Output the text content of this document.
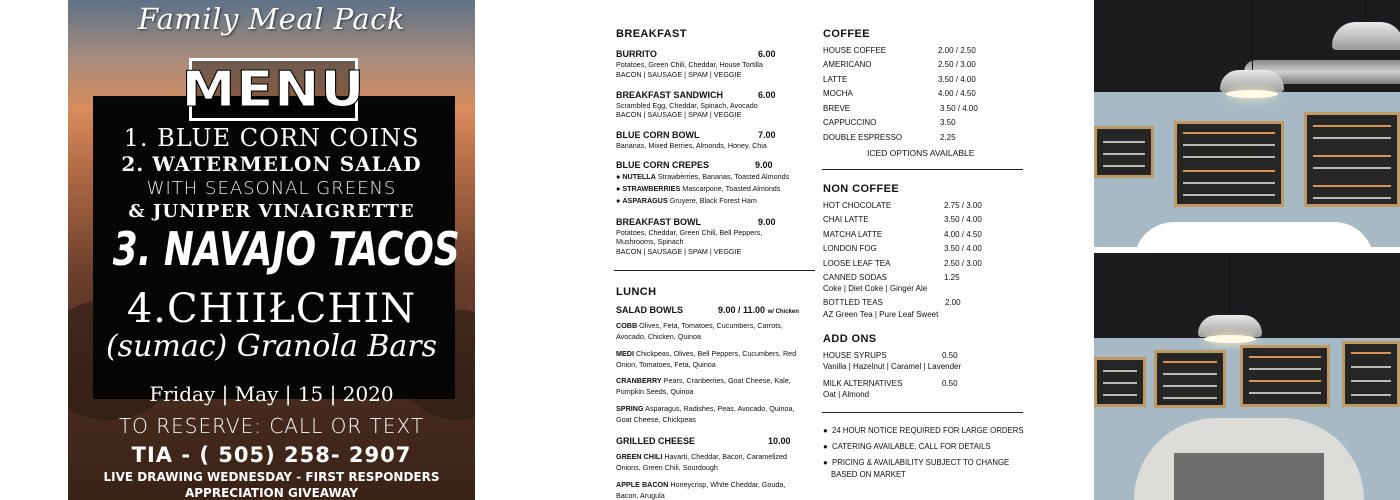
Family Meal Pack
MENU
1. BLUE CORN COINS
2. WATERMELON SALAD
WITH SEASONAL GREENS
& JUNIPER VINAIGRETTE
3. NAVAJO TACOS
4.CHIIŁCHIN
(sumac) Granola Bars
Friday | May | 15 | 2020
TO RESERVE: CALL OR TEXT
TIA - ( 505) 258- 2907
LIVE DRAWING WEDNESDAY - FIRST RESPONDERS
APPRECIATION GIVEAWAY
BREAKFAST
BURRITO	6.00
Potatoes, Green Chili, Cheddar, House Tortilla
BACON | SAUSAGE | SPAM | VEGGIE
BREAKFAST SANDWICH	6.00
Scrambled Egg, Cheddar, Spinach, Avocado
BACON | SAUSAGE | SPAM | VEGGIE
BLUE CORN BOWL	7.00
Bananas, Mixed Berries, Almonds, Honey, Chia
BLUE CORN CREPES	9.00
● NUTELLA Strawberries, Bananas, Toasted Almonds
● STRAWBERRIES Mascarpone, Toasted Almonds
● ASPARAGUS Gruyere, Black Forest Ham
BREAKFAST BOWL	9.00
Potatoes, Cheddar, Green Chili, Bell Peppers,
Mushrooms, Spinach
BACON | SAUSAGE | SPAM | VEGGIE
LUNCH
SALAD BOWLS	9.00 / 11.00 w/ Chicken
COBB Olives, Feta, Tomatoes, Cucumbers, Carrots,
Avocado, Chicken, Quinoa
MEDI Chickpeas, Olives, Bell Peppers, Cucumbers, Red
Onion, Tomatoes, Feta, Quinoa
CRANBERRY Pears, Cranberries, Goat Cheese, Kale,
Pumpkin Seeds, Quinoa
SPRING Asparagus, Radishes, Peas, Avocado, Quinoa,
Goat Cheese, Chickpeas
GRILLED CHEESE	10.00
GREEN CHILI Havarti, Cheddar, Bacon, Caramelized
Onions, Green Chili, Sourdough
APPLE BACON Honeycrisp, White Cheddar, Gouda,
Bacon, Arugula
COFFEE
HOUSE COFFEE	2.00 / 2.50
AMERICANO	2.50 / 3.00
LATTE	3.50 / 4.00
MOCHA	4.00 / 4.50
BREVE	3.50 / 4.00
CAPPUCCINO	3.50
DOUBLE ESPRESSO	2.25
ICED OPTIONS AVAILABLE
NON COFFEE
HOT CHOCOLATE	2.75 / 3.00
CHAI LATTE	3.50 / 4.00
MATCHA LATTE	4.00 / 4.50
LONDON FOG	3.50 / 4.00
LOOSE LEAF TEA	2.50 / 3.00
CANNED SODAS	1.25
Coke | Diet Coke | Ginger Ale
BOTTLED TEAS	2.00
AZ Green Tea | Pure Leaf Sweet
ADD ONS
HOUSE SYRUPS	0.50
Vanilla | Hazelnut | Caramel | Lavender
MILK ALTERNATIVES	0.50
Oat | Almond
●  24 HOUR NOTICE REQUIRED FOR LARGE ORDERS
●  CATERING AVAILABLE, CALL FOR DETAILS
●  PRICING & AVAILABILITY SUBJECT TO CHANGE
BASED ON MARKET
